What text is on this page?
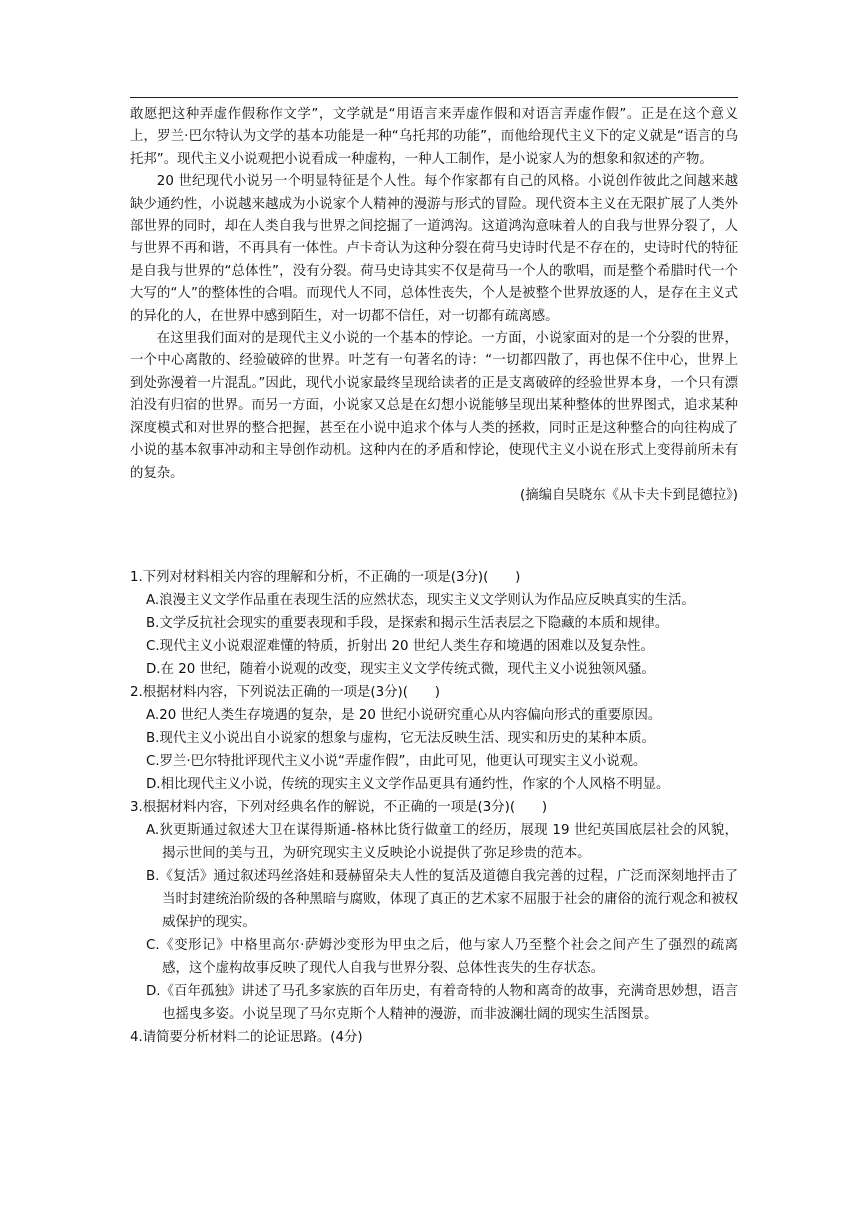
敢愿把这种弄虚作假称作文学”，文学就是“用语言来弄虚作假和对语言弄虚作假”。正是在这个意义上，罗兰·巴尔特认为文学的基本功能是一种“乌托邦的功能”，而他给现代主义下的定义就是“语言的乌托邦”。现代主义小说观把小说看成一种虚构，一种人工制作，是小说家人为的想象和叙述的产物。

20 世纪现代小说另一个明显特征是个人性。每个作家都有自己的风格。小说创作彼此之间越来越缺少通约性，小说越来越成为小说家个人精神的漫游与形式的冒险。现代资本主义在无限扩展了人类外部世界的同时，却在人类自我与世界之间挖掘了一道鸿沟。这道鸿沟意味着人的自我与世界分裂了，人与世界不再和谐，不再具有一体性。卢卡奇认为这种分裂在荷马史诗时代是不存在的，史诗时代的特征是自我与世界的“总体性”，没有分裂。荷马史诗其实不仅是荷马一个人的歌唱，而是整个希腊时代一个大写的“人”的整体性的合唱。而现代人不同，总体性丧失，个人是被整个世界放逐的人，是存在主义式的异化的人，在世界中感到陌生，对一切都不信任，对一切都有疏离感。

在这里我们面对的是现代主义小说的一个基本的悖论。一方面，小说家面对的是一个分裂的世界，一个中心离散的、经验破碎的世界。叶芝有一句著名的诗：“一切都四散了，再也保不住中心，世界上到处弥漫着一片混乱。”因此，现代小说家最终呈现给读者的正是支离破碎的经验世界本身，一个只有漂泊没有归宿的世界。而另一方面，小说家又总是在幻想小说能够呈现出某种整体的世界图式，追求某种深度模式和对世界的整合把握，甚至在小说中追求个体与人类的拯救，同时正是这种整合的向往构成了小说的基本叙事冲动和主导创作动机。这种内在的矛盾和悖论，使现代主义小说在形式上变得前所未有的复杂。

(摘编自吴晓东《从卡夫卡到昆德拉》)

1.下列对材料相关内容的理解和分析，不正确的一项是(3分)(　　)

A.浪漫主义文学作品重在表现生活的应然状态，现实主义文学则认为作品应反映真实的生活。
B.文学反抗社会现实的重要表现和手段，是探索和揭示生活表层之下隐藏的本质和规律。
C.现代主义小说艰涩难懂的特质，折射出 20 世纪人类生存和境遇的困难以及复杂性。
D.在 20 世纪，随着小说观的改变，现实主义文学传统式微，现代主义小说独领风骚。

2.根据材料内容，下列说法正确的一项是(3分)(　　)

A.20 世纪人类生存境遇的复杂，是 20 世纪小说研究重心从内容偏向形式的重要原因。
B.现代主义小说出自小说家的想象与虚构，它无法反映生活、现实和历史的某种本质。
C.罗兰·巴尔特批评现代主义小说“弄虚作假”，由此可见，他更认可现实主义小说观。
D.相比现代主义小说，传统的现实主义文学作品更具有通约性，作家的个人风格不明显。

3.根据材料内容，下列对经典名作的解说，不正确的一项是(3分)(　　)

A.狄更斯通过叙述大卫在谋得斯通-格林比货行做童工的经历，展现 19 世纪英国底层社会的风貌，揭示世间的美与丑，为研究现实主义反映论小说提供了弥足珍贵的范本。
B.《复活》通过叙述玛丝洛娃和聂赫留朵夫人性的复活及道德自我完善的过程，广泛而深刻地抨击了当时封建统治阶级的各种黑暗与腐败，体现了真正的艺术家不屈服于社会的庸俗的流行观念和被权威保护的现实。
C.《变形记》中格里高尔·萨姆沙变形为甲虫之后，他与家人乃至整个社会之间产生了强烈的疏离感，这个虚构故事反映了现代人自我与世界分裂、总体性丧失的生存状态。
D.《百年孤独》讲述了马孔多家族的百年历史，有着奇特的人物和离奇的故事，充满奇思妙想，语言也摇曳多姿。小说呈现了马尔克斯个人精神的漫游，而非波澜壮阔的现实生活图景。

4.请简要分析材料二的论证思路。(4分)
